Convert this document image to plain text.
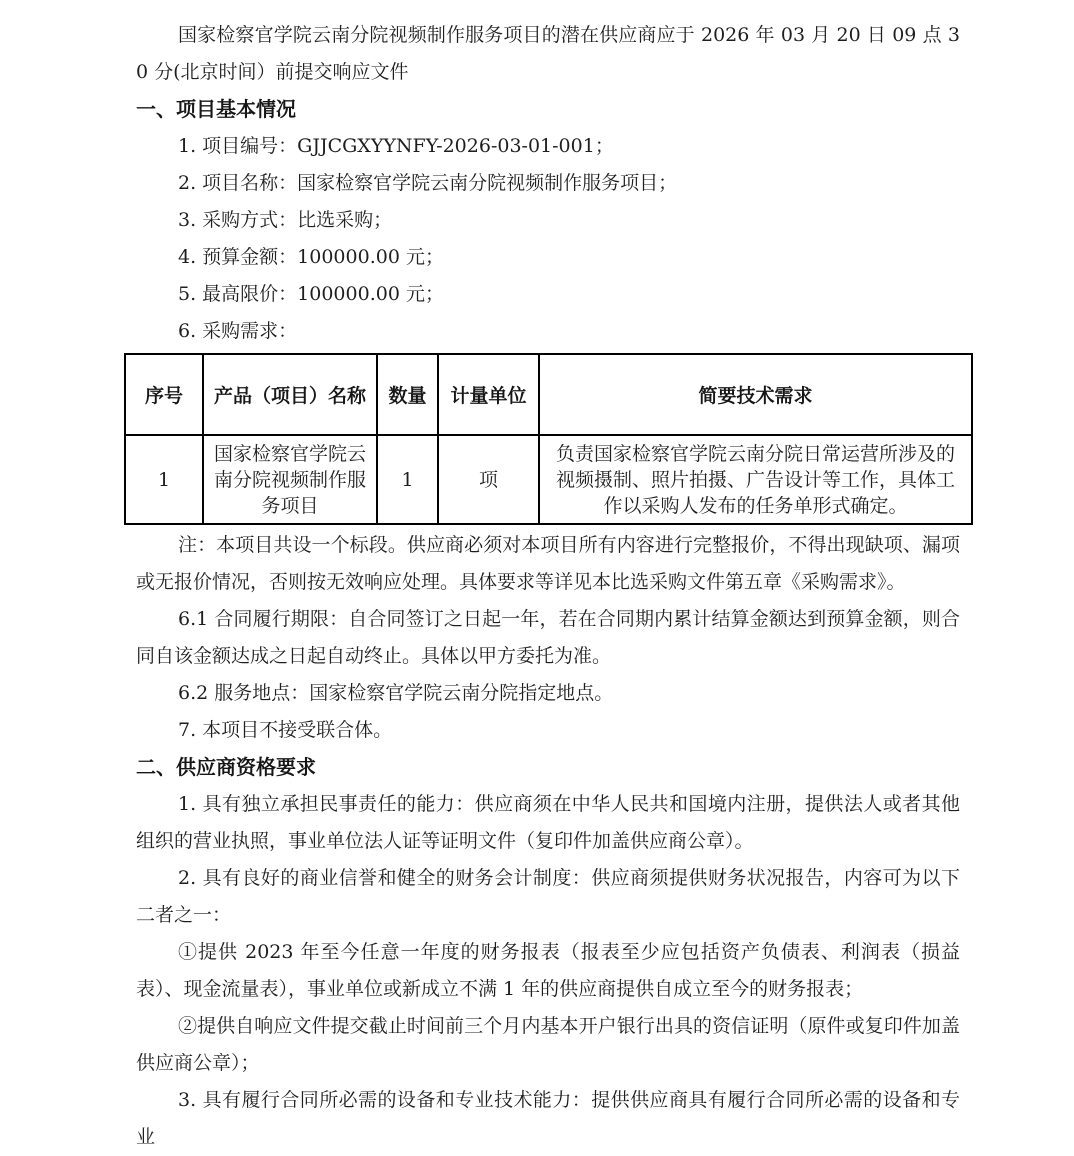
国家检察官学院云南分院视频制作服务项目的潜在供应商应于 2026 年 03 月 20 日 09 点 30 分(北京时间）前提交响应文件

一、项目基本情况

1. 项目编号：GJJCGXYYNFY-2026-03-01-001；

2. 项目名称：国家检察官学院云南分院视频制作服务项目；

3. 采购方式：比选采购；

4. 预算金额：100000.00 元；

5. 最高限价：100000.00 元；

6. 采购需求：

序号	产品（项目）名称	数量	计量单位	简要技术需求
1	国家检察官学院云南分院视频制作服务项目	1	项	负责国家检察官学院云南分院日常运营所涉及的视频摄制、照片拍摄、广告设计等工作，具体工作以采购人发布的任务单形式确定。

注：本项目共设一个标段。供应商必须对本项目所有内容进行完整报价，不得出现缺项、漏项或无报价情况，否则按无效响应处理。具体要求等详见本比选采购文件第五章《采购需求》。

6.1 合同履行期限：自合同签订之日起一年，若在合同期内累计结算金额达到预算金额，则合同自该金额达成之日起自动终止。具体以甲方委托为准。

6.2 服务地点：国家检察官学院云南分院指定地点。

7. 本项目不接受联合体。

二、供应商资格要求

1. 具有独立承担民事责任的能力：供应商须在中华人民共和国境内注册，提供法人或者其他组织的营业执照，事业单位法人证等证明文件（复印件加盖供应商公章）。

2. 具有良好的商业信誉和健全的财务会计制度：供应商须提供财务状况报告，内容可为以下二者之一：

①提供 2023 年至今任意一年度的财务报表（报表至少应包括资产负债表、利润表（损益表）、现金流量表），事业单位或新成立不满 1 年的供应商提供自成立至今的财务报表；

②提供自响应文件提交截止时间前三个月内基本开户银行出具的资信证明（原件或复印件加盖供应商公章）；

3. 具有履行合同所必需的设备和专业技术能力：提供供应商具有履行合同所必需的设备和专业
